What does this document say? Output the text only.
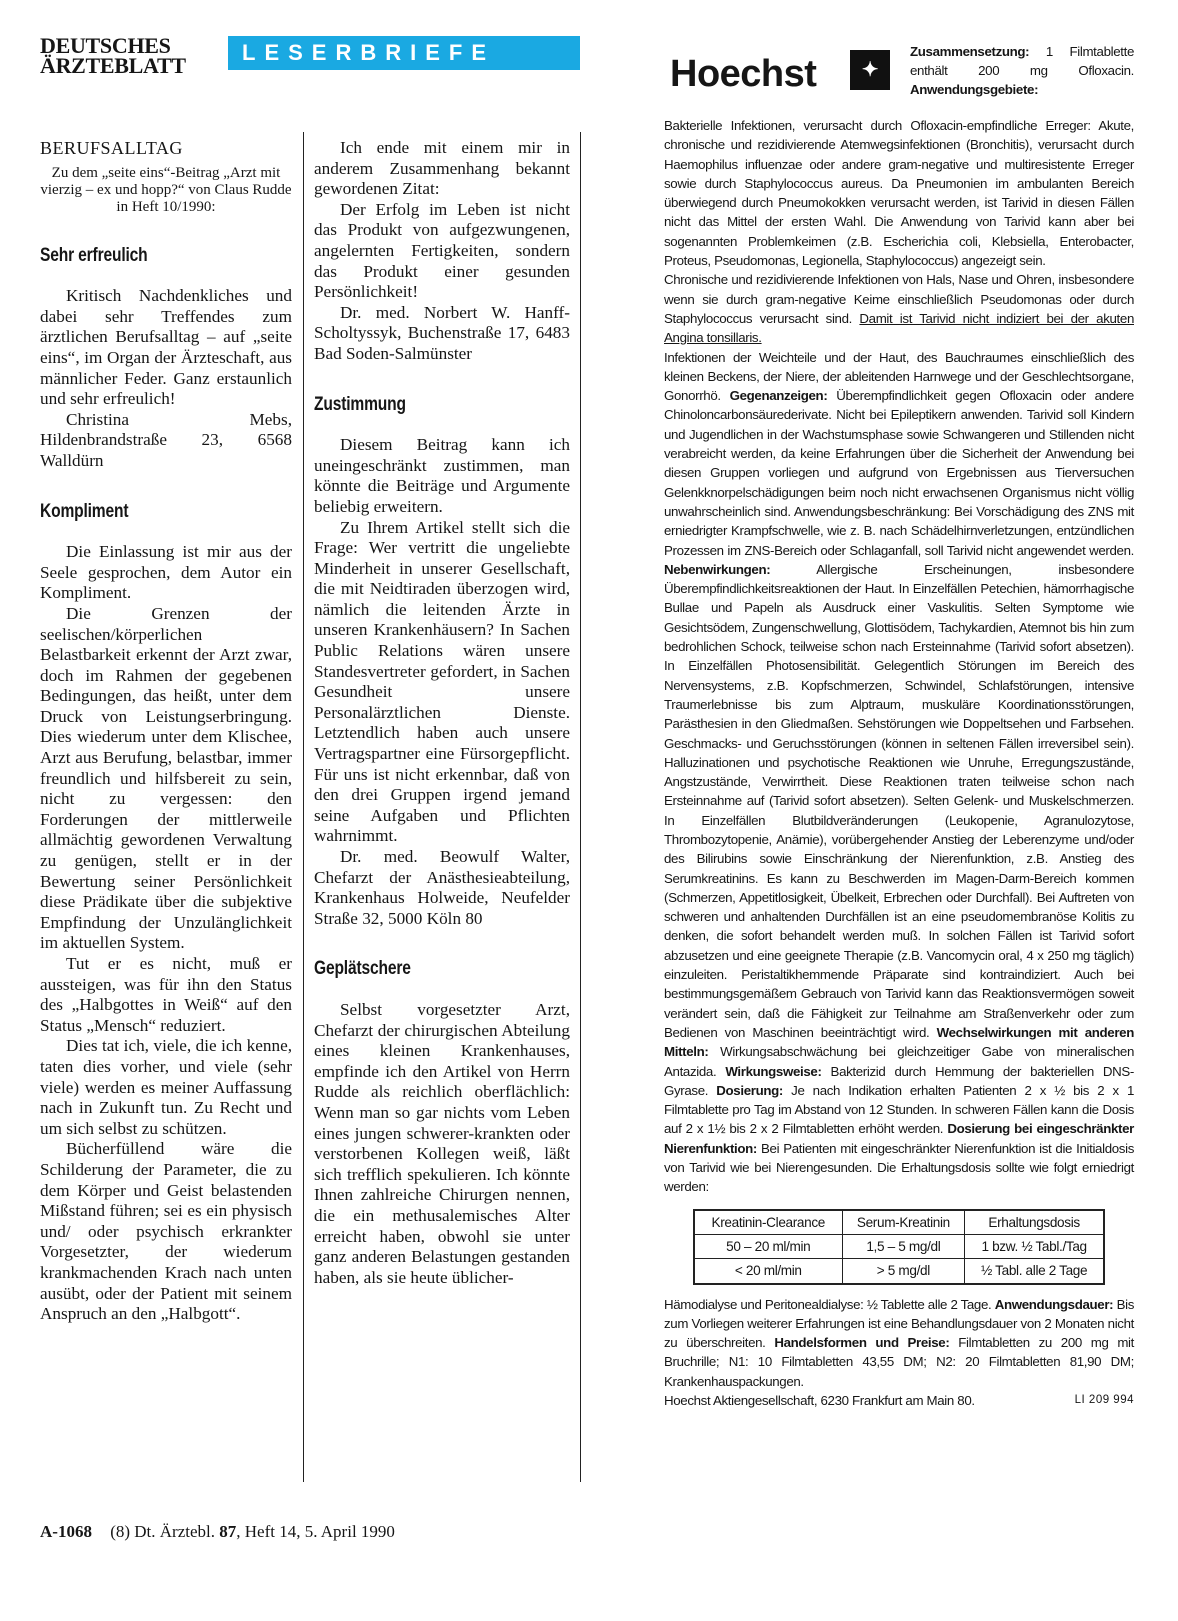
DEUTSCHES
ÄRZTEBLATT
LESERBRIEFE
BERUFSALLTAG

Zu dem „seite eins“-Beitrag „Arzt mit vierzig – ex und hopp?“ von Claus Rudde in Heft 10/1990:

Sehr erfreulich

Kritisch Nachdenkliches und dabei sehr Treffendes zum ärztlichen Berufsalltag – auf „seite eins“, im Organ der Ärzteschaft, aus männlicher Feder. Ganz erstaunlich und sehr erfreulich!

Christina Mebs, Hildenbrandstraße 23, 6568 Walldürn

Kompliment

Die Einlassung ist mir aus der Seele gesprochen, dem Autor ein Kompliment.

Die Grenzen der seelischen/körperlichen Belastbarkeit erkennt der Arzt zwar, doch im Rahmen der gegebenen Bedingungen, das heißt, unter dem Druck von Leistungserbringung. Dies wiederum unter dem Klischee, Arzt aus Berufung, belastbar, immer freundlich und hilfsbereit zu sein, nicht zu vergessen: den Forderungen der mittlerweile allmächtig gewordenen Verwaltung zu genügen, stellt er in der Bewertung seiner Persönlichkeit diese Prädikate über die subjektive Empfindung der Unzulänglichkeit im aktuellen System.

Tut er es nicht, muß er aussteigen, was für ihn den Status des „Halbgottes in Weiß“ auf den Status „Mensch“ reduziert.

Dies tat ich, viele, die ich kenne, taten dies vorher, und viele (sehr viele) werden es meiner Auffassung nach in Zukunft tun. Zu Recht und um sich selbst zu schützen.

Bücherfüllend wäre die Schilderung der Parameter, die zu dem Körper und Geist belastenden Mißstand führen; sei es ein physisch und/ oder psychisch erkrankter Vorgesetzter, der wiederum krankmachenden Krach nach unten ausübt, oder der Patient mit seinem Anspruch an den „Halbgott“.

Ich ende mit einem mir in anderem Zusammenhang bekannt gewordenen Zitat:

Der Erfolg im Leben ist nicht das Produkt von aufgezwungenen, angelernten Fertigkeiten, sondern das Produkt einer gesunden Persönlichkeit!

Dr. med. Norbert W. Hanff-Scholtyssyk, Buchenstraße 17, 6483 Bad Soden-Salmünster

Zustimmung

Diesem Beitrag kann ich uneingeschränkt zustimmen, man könnte die Beiträge und Argumente beliebig erweitern.

Zu Ihrem Artikel stellt sich die Frage: Wer vertritt die ungeliebte Minderheit in unserer Gesellschaft, die mit Neidtiraden überzogen wird, nämlich die leitenden Ärzte in unseren Krankenhäusern? In Sachen Public Relations wären unsere Standesvertreter gefordert, in Sachen Gesundheit unsere Personalärztlichen Dienste. Letztendlich haben auch unsere Vertragspartner eine Fürsorgepflicht. Für uns ist nicht erkennbar, daß von den drei Gruppen irgend jemand seine Aufgaben und Pflichten wahrnimmt.

Dr. med. Beowulf Walter, Chefarzt der Anästhesieabteilung, Krankenhaus Holweide, Neufelder Straße 32, 5000 Köln 80

Geplätschere

Selbst vorgesetzter Arzt, Chefarzt der chirurgischen Abteilung eines kleinen Krankenhauses, empfinde ich den Artikel von Herrn Rudde als reichlich oberflächlich: Wenn man so gar nichts vom Leben eines jungen schwerer-krankten oder verstorbenen Kollegen weiß, läßt sich trefflich spekulieren. Ich könnte Ihnen zahlreiche Chirurgen nennen, die ein methusalemisches Alter erreicht haben, obwohl sie unter ganz anderen Belastungen gestanden haben, als sie heute üblicher-

A-1068 (8) Dt. Ärztebl. 87, Heft 14, 5. April 1990
Hoechst	✦
Zusammensetzung: 1 Filmtablette enthält 200 mg Ofloxacin. Anwendungsgebiete:

Bakterielle Infektionen, verursacht durch Ofloxacin-empfindliche Erreger: Akute, chronische und rezidivierende Atemwegsinfektionen (Bronchitis), verursacht durch Haemophilus influenzae oder andere gram-negative und multiresistente Erreger sowie durch Staphylococcus aureus. Da Pneumonien im ambulanten Bereich überwiegend durch Pneumokokken verursacht werden, ist Tarivid in diesen Fällen nicht das Mittel der ersten Wahl. Die Anwendung von Tarivid kann aber bei sogenannten Problemkeimen (z.B. Escherichia coli, Klebsiella, Enterobacter, Proteus, Pseudomonas, Legionella, Staphylococcus) angezeigt sein.

Chronische und rezidivierende Infektionen von Hals, Nase und Ohren, insbesondere wenn sie durch gram-negative Keime einschließlich Pseudomonas oder durch Staphylococcus verursacht sind. Damit ist Tarivid nicht indiziert bei der akuten Angina tonsillaris.

Infektionen der Weichteile und der Haut, des Bauchraumes einschließlich des kleinen Beckens, der Niere, der ableitenden Harnwege und der Geschlechtsorgane, Gonorrhö. Gegenanzeigen: Überempfindlichkeit gegen Ofloxacin oder andere Chinoloncarbonsäurederivate. Nicht bei Epileptikern anwenden. Tarivid soll Kindern und Jugendlichen in der Wachstumsphase sowie Schwangeren und Stillenden nicht verabreicht werden, da keine Erfahrungen über die Sicherheit der Anwendung bei diesen Gruppen vorliegen und aufgrund von Ergebnissen aus Tierversuchen Gelenkknorpelschädigungen beim noch nicht erwachsenen Organismus nicht völlig unwahrscheinlich sind. Anwendungsbeschränkung: Bei Vorschädigung des ZNS mit erniedrigter Krampfschwelle, wie z. B. nach Schädelhirnverletzungen, entzündlichen Prozessen im ZNS-Bereich oder Schlaganfall, soll Tarivid nicht angewendet werden. Nebenwirkungen: Allergische Erscheinungen, insbesondere Überempfindlichkeitsreaktionen der Haut. In Einzelfällen Petechien, hämorrhagische Bullae und Papeln als Ausdruck einer Vaskulitis. Selten Symptome wie Gesichtsödem, Zungenschwellung, Glottisödem, Tachykardien, Atemnot bis hin zum bedrohlichen Schock, teilweise schon nach Ersteinnahme (Tarivid sofort absetzen). In Einzelfällen Photosensibilität. Gelegentlich Störungen im Bereich des Nervensystems, z.B. Kopfschmerzen, Schwindel, Schlafstörungen, intensive Traumerlebnisse bis zum Alptraum, muskuläre Koordinationsstörungen, Parästhesien in den Gliedmaßen. Sehstörungen wie Doppeltsehen und Farbsehen. Geschmacks- und Geruchsstörungen (können in seltenen Fällen irreversibel sein). Halluzinationen und psychotische Reaktionen wie Unruhe, Erregungszustände, Angstzustände, Verwirrtheit. Diese Reaktionen traten teilweise schon nach Ersteinnahme auf (Tarivid sofort absetzen). Selten Gelenk- und Muskelschmerzen. In Einzelfällen Blutbildveränderungen (Leukopenie, Agranulozytose, Thrombozytopenie, Anämie), vorübergehender Anstieg der Leberenzyme und/oder des Bilirubins sowie Einschränkung der Nierenfunktion, z.B. Anstieg des Serumkreatinins. Es kann zu Beschwerden im Magen-Darm-Bereich kommen (Schmerzen, Appetitlosigkeit, Übelkeit, Erbrechen oder Durchfall). Bei Auftreten von schweren und anhaltenden Durchfällen ist an eine pseudomembranöse Kolitis zu denken, die sofort behandelt werden muß. In solchen Fällen ist Tarivid sofort abzusetzen und eine geeignete Therapie (z.B. Vancomycin oral, 4 x 250 mg täglich) einzuleiten. Peristaltikhemmende Präparate sind kontraindiziert. Auch bei bestimmungsgemäßem Gebrauch von Tarivid kann das Reaktionsvermögen soweit verändert sein, daß die Fähigkeit zur Teilnahme am Straßenverkehr oder zum Bedienen von Maschinen beeinträchtigt wird. Wechselwirkungen mit anderen Mitteln: Wirkungsabschwächung bei gleichzeitiger Gabe von mineralischen Antazida. Wirkungsweise: Bakterizid durch Hemmung der bakteriellen DNS-Gyrase. Dosierung: Je nach Indikation erhalten Patienten 2 x ½ bis 2 x 1 Filmtablette pro Tag im Abstand von 12 Stunden. In schweren Fällen kann die Dosis auf 2 x 1½ bis 2 x 2 Filmtabletten erhöht werden. Dosierung bei eingeschränkter Nierenfunktion: Bei Patienten mit eingeschränkter Nierenfunktion ist die Initialdosis von Tarivid wie bei Nierengesunden. Die Erhaltungsdosis sollte wie folgt erniedrigt werden:

Kreatinin-Clearance	Serum-Kreatinin	Erhaltungsdosis
50 – 20 ml/min	1,5 – 5 mg/dl	1 bzw. ½ Tabl./Tag
< 20 ml/min	> 5 mg/dl	½ Tabl. alle 2 Tage

Hämodialyse und Peritonealdialyse: ½ Tablette alle 2 Tage. Anwendungsdauer: Bis zum Vorliegen weiterer Erfahrungen ist eine Behandlungsdauer von 2 Monaten nicht zu überschreiten. Handelsformen und Preise: Filmtabletten zu 200 mg mit Bruchrille; N1: 10 Filmtabletten 43,55 DM; N2: 20 Filmtabletten 81,90 DM; Krankenhauspackungen.

Hoechst Aktiengesellschaft, 6230 Frankfurt am Main 80.	LI 209 994
